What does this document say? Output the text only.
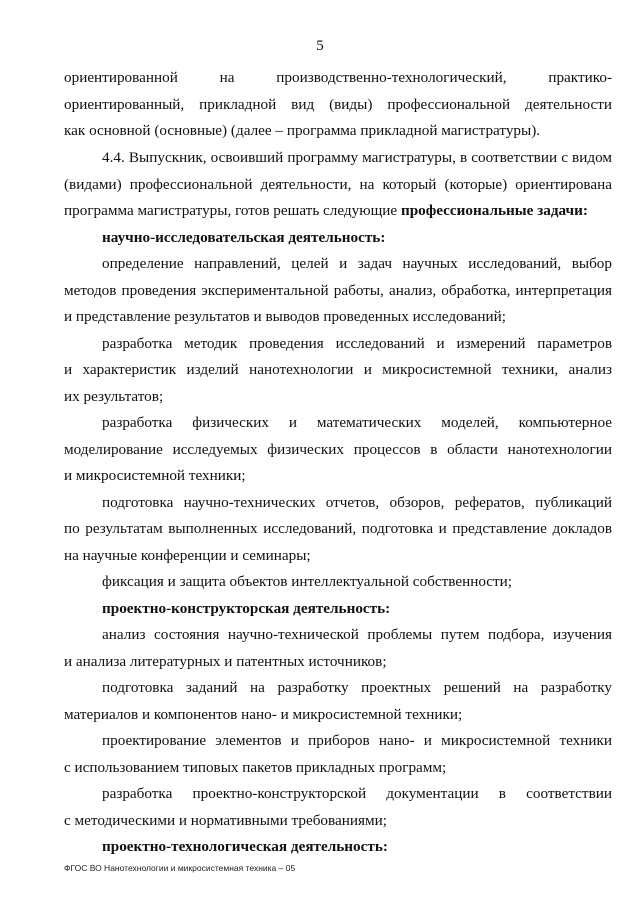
5
ориентированной на производственно-технологический, практико-
ориентированный, прикладной вид (виды) профессиональной деятельности
как основной (основные) (далее – программа прикладной магистратуры).
4.4. Выпускник, освоивший программу магистратуры, в соответствии с видом
(видами) профессиональной деятельности, на который (которые) ориентирована
программа магистратуры, готов решать следующие профессиональные задачи:
научно-исследовательская деятельность:
определение направлений, целей и задач научных исследований, выбор
методов проведения экспериментальной работы, анализ, обработка, интерпретация
и представление результатов и выводов проведенных исследований;
разработка методик проведения исследований и измерений параметров
и характеристик изделий нанотехнологии и микросистемной техники, анализ
их результатов;
разработка физических и математических моделей, компьютерное
моделирование исследуемых физических процессов в области нанотехнологии
и микросистемной техники;
подготовка научно-технических отчетов, обзоров, рефератов, публикаций
по результатам выполненных исследований, подготовка и представление докладов
на научные конференции и семинары;
фиксация и защита объектов интеллектуальной собственности;
проектно-конструкторская деятельность:
анализ состояния научно-технической проблемы путем подбора, изучения
и анализа литературных и патентных источников;
подготовка заданий на разработку проектных решений на разработку
материалов и компонентов нано- и микросистемной техники;
проектирование элементов и приборов нано- и микросистемной техники
с использованием типовых пакетов прикладных программ;
разработка проектно-конструкторской документации в соответствии
с методическими и нормативными требованиями;
проектно-технологическая деятельность:
ФГОС ВО Нанотехнологии и микросистемная техника – 05
